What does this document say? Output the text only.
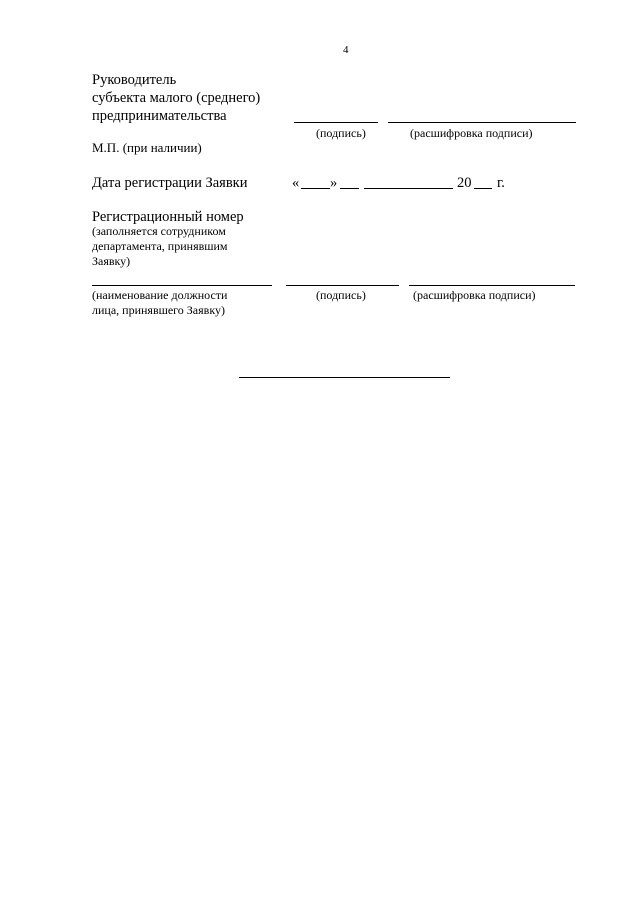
4
Руководитель
субъекта малого (среднего)
предпринимательства
(подпись)	(расшифровка подписи)
М.П. (при наличии)
Дата регистрации Заявки	« »	20 г.
Регистрационный номер
(заполняется сотрудником
департамента, принявшим
Заявку)
(наименование должности
лица, принявшего Заявку)
(подпись)	(расшифровка подписи)
